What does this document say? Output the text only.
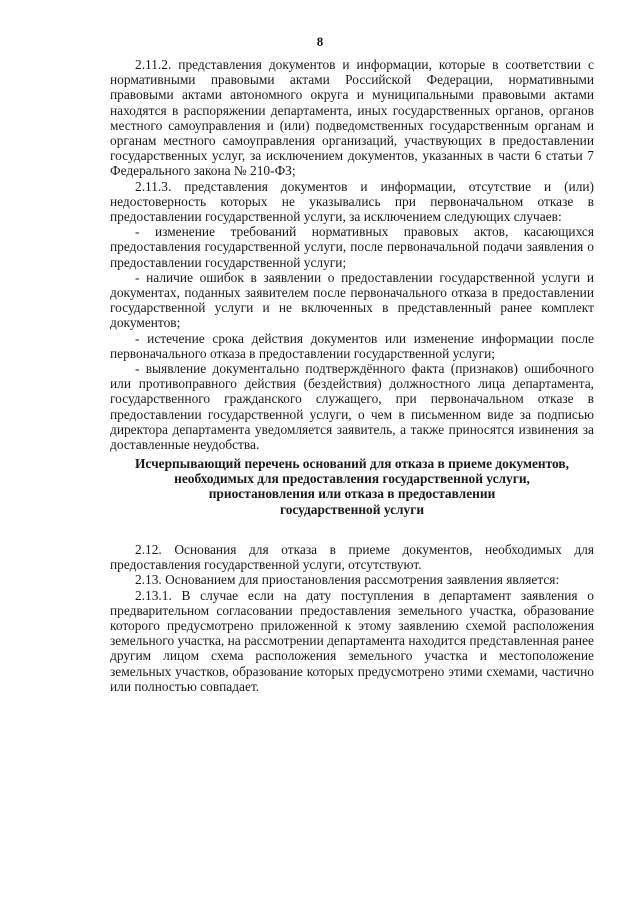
8

2.11.2. представления документов и информации, которые в соответствии с нормативными правовыми актами Российской Федерации, нормативными правовыми актами автономного округа и муниципальными правовыми актами находятся в распоряжении департамента, иных государственных органов, органов местного самоуправления и (или) подведомственных государственным органам и органам местного самоуправления организаций, участвующих в предоставлении государственных услуг, за исключением документов, указанных в части 6 статьи 7 Федерального закона № 210-ФЗ;

2.11.3. представления документов и информации, отсутствие и (или) недостоверность которых не указывались при первоначальном отказе в предоставлении государственной услуги, за исключением следующих случаев:

- изменение требований нормативных правовых актов, касающихся предоставления государственной услуги, после первоначальной подачи заявления о предоставлении государственной услуги;

- наличие ошибок в заявлении о предоставлении государственной услуги и документах, поданных заявителем после первоначального отказа в предоставлении государственной услуги и не включенных в представленный ранее комплект документов;

- истечение срока действия документов или изменение информации после первоначального отказа в предоставлении государственной услуги;

- выявление документально подтверждённого факта (признаков) ошибочного или противоправного действия (бездействия) должностного лица департамента, государственного гражданского служащего, при первоначальном отказе в предоставлении государственной услуги, о чем в письменном виде за подписью директора департамента уведомляется заявитель, а также приносятся извинения за доставленные неудобства.

Исчерпывающий перечень оснований для отказа в приеме документов,

необходимых для предоставления государственной услуги,

приостановления или отказа в предоставлении

государственной услуги

2.12. Основания для отказа в приеме документов, необходимых для предоставления государственной услуги, отсутствуют.

2.13. Основанием для приостановления рассмотрения заявления является:

2.13.1. В случае если на дату поступления в департамент заявления о предварительном согласовании предоставления земельного участка, образование которого предусмотрено приложенной к этому заявлению схемой расположения земельного участка, на рассмотрении департамента находится представленная ранее другим лицом схема расположения земельного участка и местоположение земельных участков, образование которых предусмотрено этими схемами, частично или полностью совпадает.
